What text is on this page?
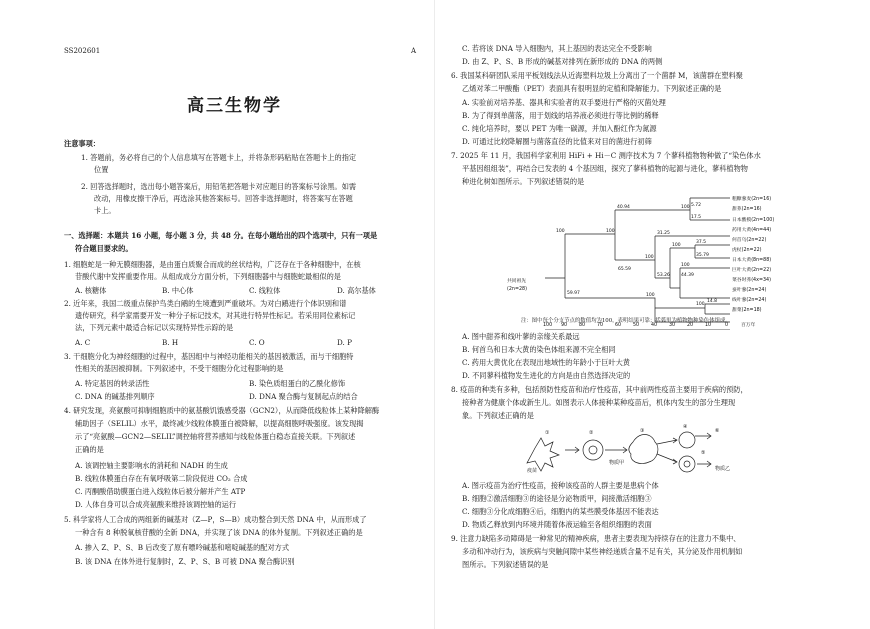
SS202601	A
高三生物学
注意事项：
1. 答题前，务必将自己的个人信息填写在答题卡上，并将条形码粘贴在答题卡上的指定
位置
2. 回答选择题时，选出每小题答案后，用铅笔把答题卡对应题目的答案标号涂黑。如需
改动，用橡皮擦干净后，再选涂其他答案标号。回答非选择题时，将答案写在答题
卡上。
一、选择题：本题共 16 小题，每小题 3 分，共 48 分。在每小题给出的四个选项中，只有一项是
符合题目要求的。
1. 细胞蛇是一种无膜细胞器，是由蛋白质聚合而成的丝状结构，广泛存在于各种细胞中，在核
苷酸代谢中发挥重要作用。从组成成分方面分析，下列细胞器中与细胞蛇最相似的是
A. 核糖体	B. 中心体	C. 线粒体	D. 高尔基体
2. 近年来，我国二级重点保护鸟类白鹇的生境遭到严重破坏。为对白鹇进行个体识别和谱
遗传研究，科学家需要开发一种分子标记技术，对其进行特异性标记。若采用同位素标记
法，下列元素中最适合标记以实现特异性示踪的是
A. C	B. H	C. O	D. P
3. 干细胞分化为神经细胞的过程中，基因组中与神经功能相关的基因被激活，而与干细胞特
性相关的基因被抑制。下列叙述中，不受干细胞分化过程影响的是
A. 特定基因的转录活性	B. 染色质组蛋白的乙酰化修饰
C. DNA 的碱基排列顺序	D. DNA 聚合酶与复制起点的结合
4. 研究发现，亮氨酸可抑制细胞质中的氨基酸饥饿感受器（GCN2），从而降低线粒体上某种降解酶
辅助因子（SELIL）水平，最终减少线粒体膜蛋白被降解，以提高细胞呼吸强度。该发现揭
示了“亮氨酸—GCN2—SELIL”调控轴将营养感知与线粒体蛋白稳态直接关联。下列叙述
正确的是
A. 该调控轴主要影响水的消耗和 NADH 的生成
B. 线粒体膜蛋白存在有氧呼吸第二阶段促进 CO₂ 合成
C. 丙酮酸借助膜蛋白进入线粒体后被分解并产生 ATP
D. 人体自身可以合成亮氨酸来维持该调控轴的运行
5. 科学家将人工合成的两组新的碱基对（Z—P，S—B）成功整合到天然 DNA 中，从而形成了
一种含有 8 种脱氧核苷酸的全新 DNA，并实现了该 DNA 的体外复制。下列叙述正确的是
A. 掺入 Z、P、S、B 后改变了原有嘌呤碱基和嘧啶碱基的配对方式
B. 该 DNA 在体外进行复制时，Z、P、S、B 可被 DNA 聚合酶识别
C. 若将该 DNA 导入细胞内，其上基因的表达完全不受影响
D. 由 Z、P、S、B 形成的碱基对排列在新形成的 DNA 的两侧
6. 我国某科研团队采用平板划线法从近海塑料垃圾上分离出了一个菌群 M，该菌群在塑料聚
乙烯对苯二甲酸酯（PET）表面具有很明显的定植和降解能力。下列叙述正确的是
A. 实验前对培养基、器具和实验者的双手要进行严格的灭菌处理
B. 为了得到单菌落，用于划线的培养液必须进行等比例的稀释
C. 纯化培养时，要以 PET 为唯一碳源，并加入酚红作为氮源
D. 可通过比较降解圈与菌落直径的比值来对目的菌进行初筛
7. 2025 年 11 月，我国科学家利用 HiFi + Hi－C 测序技术为 7 个蓼科植物物种做了“染色体水
平基因组组装”，再结合已发表的 4 个基因组，探究了蓼科植物的起源与进化，蓼科植物物
种进化树如图所示。下列叙述错误的是
粗糠蓼麦(2n=16)
甜荞(2n=16)
日本酸模(2n=100)
药用大黄(4n=44)
何首乌(2n=22)
虎杖(2n=22)
日本大黄(8n=88)
巨叶大黄(2n=22)
菜谷时荞(4x=34)
蚕叶蓼(2n=24)
线叶蓼(2n=24)
甜菜(2n=18)
5.72
100
17.5
40.94
100	31.25
37.5
100
35.79
100
44.39
100
65.59
59.97	100
14.8
100
100
53.26
共同祖先
(2n=28)
100 90 80 70 60 50 40 30 20 10	0	百万年
注：图中每个分支节点的数值均为100，表明结果可靠；括弧里为植物物种染色体组成。
A. 图中甜荞和线叶蓼的亲缘关系最远
B. 何首乌和日本大黄的染色体组来源不完全相同
C. 药用大黄优化在表现出地域性的年龄小于巨叶大黄
D. 不同蓼科植物发生进化的方向是由自然选择决定的
8. 疫苗的种类有多种，包括预防性疫苗和治疗性疫苗，其中前两性疫苗主要用于疾病的预防，
接种者为健康个体或新生儿。如图表示人体接种某种疫苗后，机体内发生的部分生理现
象。下列叙述正确的是
疫苗
①	②	③
④
⑤
⑥
物质甲
物质乙
A. 图示疫苗为治疗性疫苗，接种该疫苗的人群主要是患病个体
B. 细胞②激活细胞③的途径是分泌物质甲，间接激活细胞③
C. 细胞③分化成细胞④后，细胞内的某些膜受体基因不能表达
D. 物质乙释放到内环境并随着体液运输至各组织细胞的表面
9. 注意力缺陷多动障碍是一种常见的精神疾病，患者主要表现为持续存在的注意力不集中、
多动和冲动行为，该疾病与突触间隙中某些神经递质含量不足有关，其分泌及作用机制如
图所示。下列叙述错误的是
